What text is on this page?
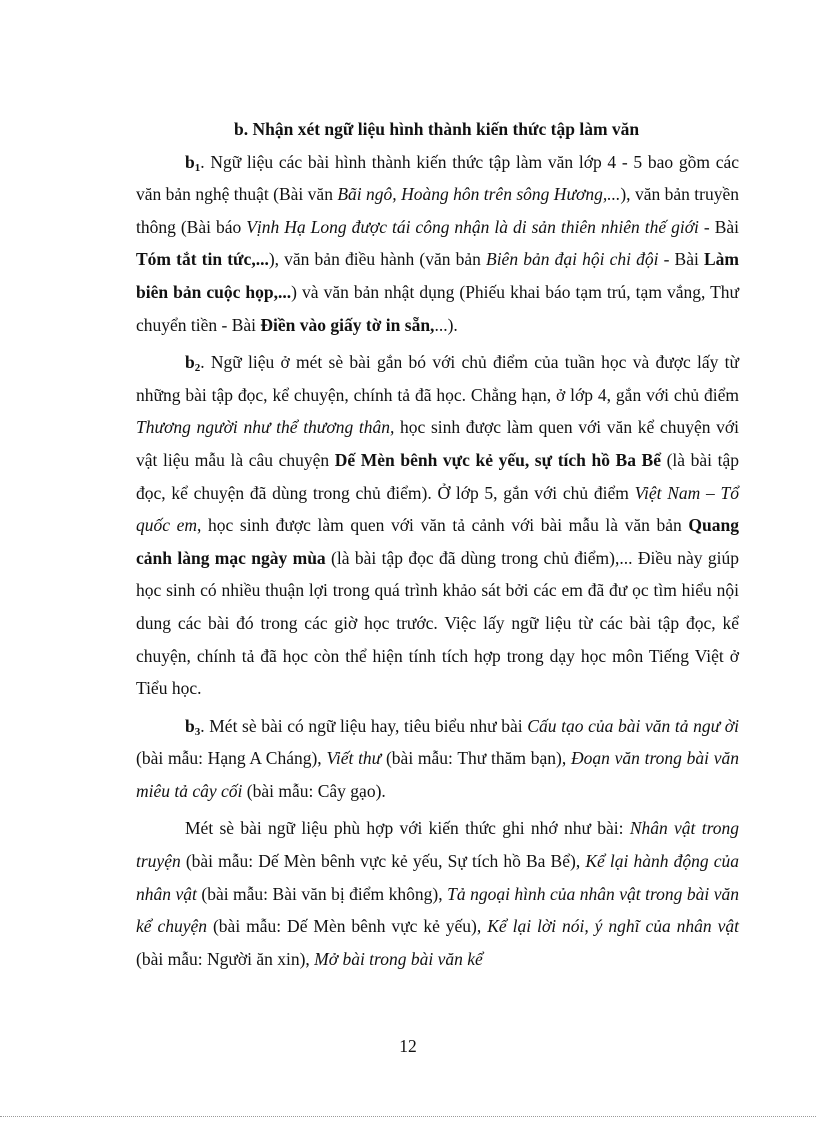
b. Nhận xét ngữ liệu hình thành kiến thức tập làm văn

$b_1$. Ngữ liệu các bài hình thành kiến thức tập làm văn lớp 4 - 5 bao gồm các văn bản nghệ thuật (Bài văn Bãi ngô, Hoàng hôn trên sông Hương,...), văn bản truyền thông (Bài báo Vịnh Hạ Long được tái công nhận là di sản thiên nhiên thế giới - Bài Tóm tắt tin tức,...), văn bản điều hành (văn bản Biên bản đại hội chi đội - Bài Làm biên bản cuộc họp,...) và văn bản nhật dụng (Phiếu khai báo tạm trú, tạm vắng, Thư chuyển tiền - Bài Điền vào giấy tờ in sẵn,...).

$b_2$. Ngữ liệu ở mét sè bài gắn bó với chủ điểm của tuần học và được lấy từ những bài tập đọc, kể chuyện, chính tả đã học. Chẳng hạn, ở lớp 4, gắn với chủ điểm Thương người như thể thương thân, học sinh được làm quen với văn kể chuyện với vật liệu mẫu là câu chuyện Dế Mèn bênh vực kẻ yếu, sự tích hồ Ba Bể (là bài tập đọc, kể chuyện đã dùng trong chủ điểm). Ở lớp 5, gắn với chủ điểm Việt Nam – Tổ quốc em, học sinh được làm quen với văn tả cảnh với bài mẫu là văn bản Quang cảnh làng mạc ngày mùa (là bài tập đọc đã dùng trong chủ điểm),... Điều này giúp học sinh có nhiều thuận lợi trong quá trình khảo sát bởi các em đã đư ọc tìm hiểu nội dung các bài đó trong các giờ học trước. Việc lấy ngữ liệu từ các bài tập đọc, kể chuyện, chính tả đã học còn thể hiện tính tích hợp trong dạy học môn Tiếng Việt ở Tiểu học.

$b_3$. Mét sè bài có ngữ liệu hay, tiêu biểu như bài Cấu tạo của bài văn tả ngư ời (bài mẫu: Hạng A Cháng), Viết thư (bài mẫu: Thư thăm bạn), Đoạn văn trong bài văn miêu tả cây cối (bài mẫu: Cây gạo).

Mét sè bài ngữ liệu phù hợp với kiến thức ghi nhớ như bài: Nhân vật trong truyện (bài mẫu: Dế Mèn bênh vực kẻ yếu, Sự tích hồ Ba Bể), Kể lại hành động của nhân vật (bài mẫu: Bài văn bị điểm không), Tả ngoại hình của nhân vật trong bài văn kể chuyện (bài mẫu: Dế Mèn bênh vực kẻ yếu), Kể lại lời nói, ý nghĩ của nhân vật (bài mẫu: Người ăn xin), Mở bài trong bài văn kể

12
